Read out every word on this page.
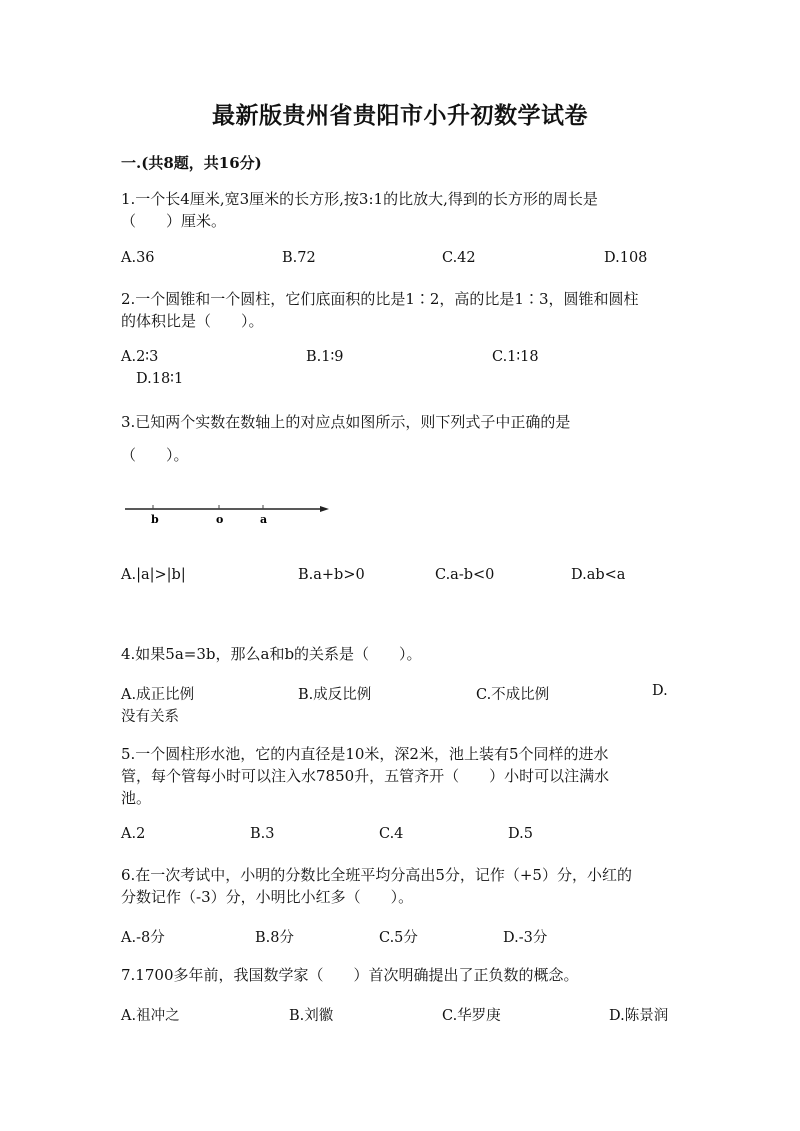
最新版贵州省贵阳市小升初数学试卷
一.(共8题，共16分)
1.一个长4厘米,宽3厘米的长方形,按3:1的比放大,得到的长方形的周长是
（　　）厘米。
A.36	B.72	C.42	D.108
2.一个圆锥和一个圆柱，它们底面积的比是1∶2，高的比是1∶3，圆锥和圆柱
的体积比是（　　）。
A.2∶3	B.1∶9	C.1∶18
D.18∶1
3.已知两个实数在数轴上的对应点如图所示，则下列式子中正确的是
（　　）。
b	o	a
A.|a|>|b|	B.a+b>0	C.a-b<0	D.ab<a
4.如果5a=3b，那么a和b的关系是（　　）。
A.成正比例	B.成反比例	C.不成比例	D.
没有关系
5.一个圆柱形水池，它的内直径是10米，深2米，池上装有5个同样的进水
管，每个管每小时可以注入水7850升，五管齐开（　　）小时可以注满水
池。
A.2	B.3	C.4	D.5
6.在一次考试中，小明的分数比全班平均分高出5分，记作（+5）分，小红的
分数记作（-3）分，小明比小红多（　　）。
A.-8分	B.8分	C.5分	D.-3分
7.1700多年前，我国数学家（　　）首次明确提出了正负数的概念。
A.祖冲之	B.刘徽	C.华罗庚	D.陈景润
